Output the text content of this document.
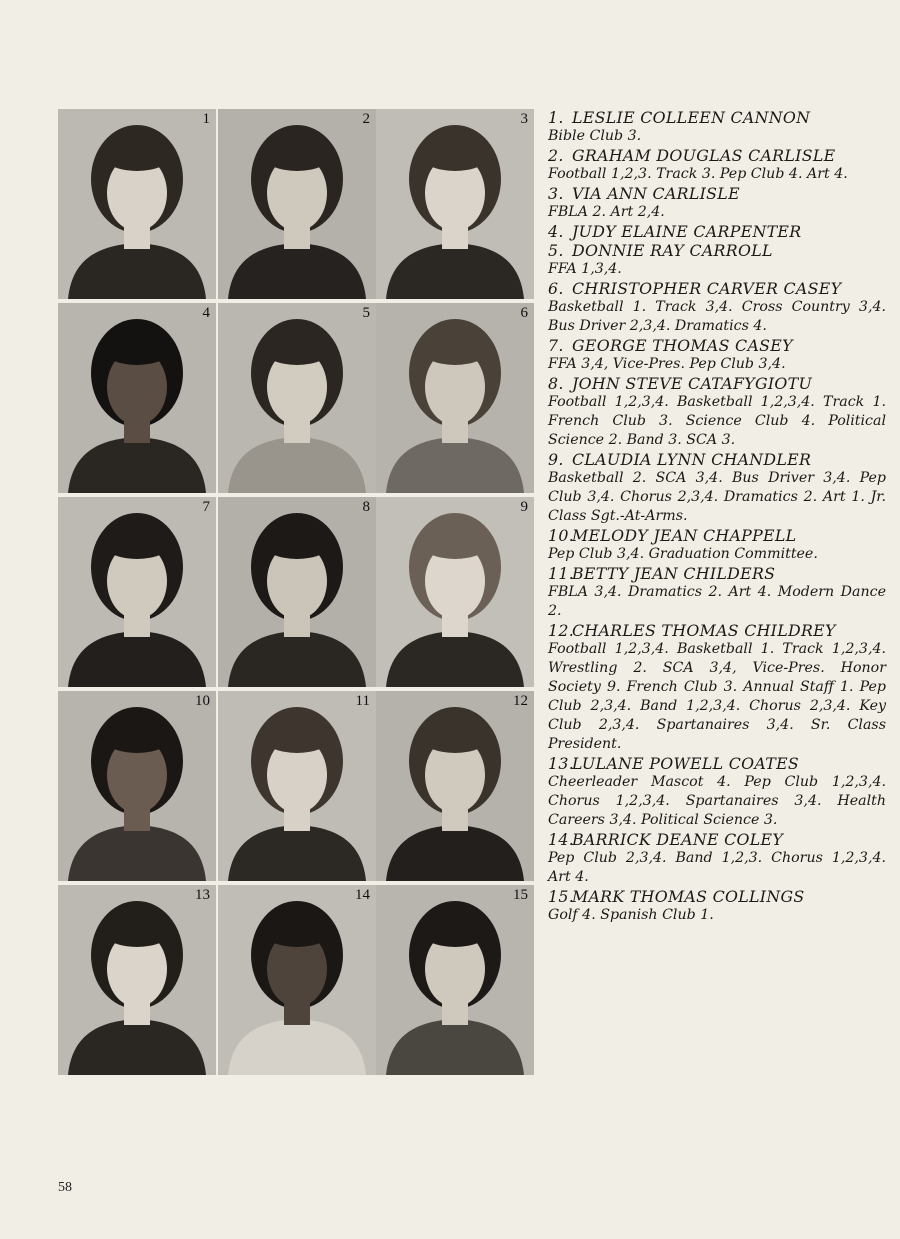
1	2	3
4	5	6
7	8	9
10	11	12
13	14	15

1. LESLIE COLLEEN CANNON
Bible Club 3.

2. GRAHAM DOUGLAS CARLISLE
Football 1,2,3. Track 3. Pep Club 4. Art 4.

3. VIA ANN CARLISLE
FBLA 2. Art 2,4.

4. JUDY ELAINE CARPENTER

5. DONNIE RAY CARROLL
FFA 1,3,4.

6. CHRISTOPHER CARVER CASEY
Basketball 1. Track 3,4. Cross Country 3,4. Bus Driver 2,3,4. Dramatics 4.

7. GEORGE THOMAS CASEY
FFA 3,4, Vice-Pres. Pep Club 3,4.

8. JOHN STEVE CATAFYGIOTU
Football 1,2,3,4. Basketball 1,2,3,4. Track 1. French Club 3. Science Club 4. Political Science 2. Band 3. SCA 3.

9. CLAUDIA LYNN CHANDLER
Basketball 2. SCA 3,4. Bus Driver 3,4. Pep Club 3,4. Chorus 2,3,4. Dramatics 2. Art 1. Jr. Class Sgt.-At-Arms.

10.MELODY JEAN CHAPPELL
Pep Club 3,4. Graduation Committee.

11.BETTY JEAN CHILDERS
FBLA 3,4. Dramatics 2. Art 4. Modern Dance 2.

12.CHARLES THOMAS CHILDREY
Football 1,2,3,4. Basketball 1. Track 1,2,3,4. Wrestling 2. SCA 3,4, Vice-Pres. Honor Society 9. French Club 3. Annual Staff 1. Pep Club 2,3,4. Band 1,2,3,4. Chorus 2,3,4. Key Club 2,3,4. Spartanaires 3,4. Sr. Class President.

13.LULANE POWELL COATES
Cheerleader Mascot 4. Pep Club 1,2,3,4. Chorus 1,2,3,4. Spartanaires 3,4. Health Careers 3,4. Political Science 3.

14.BARRICK DEANE COLEY
Pep Club 2,3,4. Band 1,2,3. Chorus 1,2,3,4. Art 4.

15.MARK THOMAS COLLINGS
Golf 4. Spanish Club 1.

58
